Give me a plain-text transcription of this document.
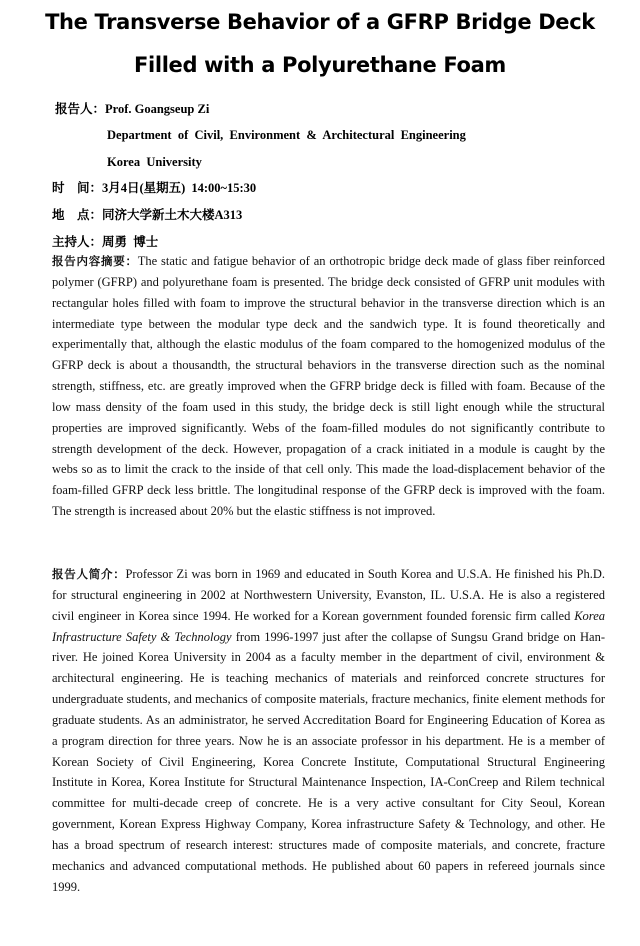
The Transverse Behavior of a GFRP Bridge Deck
Filled with a Polyurethane Foam
报告人：Prof. Goangseup Zi
Department  of  Civil,  Environment  &  Architectural  Engineering
Korea  University
时    间：3月4日(星期五) 14:00~15:30
地    点：同济大学新土木大楼A313
主持人：周勇  博士

报告内容摘要：The static and fatigue behavior of an orthotropic bridge deck made of glass fiber reinforced polymer (GFRP) and polyurethane foam is presented. The bridge deck consisted of GFRP unit modules with rectangular holes filled with foam to improve the structural behavior in the transverse direction which is an intermediate type between the modular type deck and the sandwich type. It is found theoretically and experimentally that, although the elastic modulus of the foam compared to the homogenized modulus of the GFRP deck is about a thousandth, the structural behaviors in the transverse direction such as the nominal strength, stiffness, etc. are greatly improved when the GFRP bridge deck is filled with foam. Because of the low mass density of the foam used in this study, the bridge deck is still light enough while the structural properties are improved significantly. Webs of the foam-filled modules do not significantly contribute to strength development of the deck. However, propagation of a crack initiated in a module is caught by the webs so as to limit the crack to the inside of that cell only. This made the load-displacement behavior of the foam-filled GFRP deck less brittle. The longitudinal response of the GFRP deck is improved with the foam. The strength is increased about 20% but the elastic stiffness is not improved.

报告人简介：Professor Zi was born in 1969 and educated in South Korea and U.S.A. He finished his Ph.D. for structural engineering in 2002 at Northwestern University, Evanston, IL. U.S.A. He is also a registered civil engineer in Korea since 1994. He worked for a Korean government founded forensic firm called Korea Infrastructure Safety & Technology from 1996-1997 just after the collapse of Sungsu Grand bridge on Han-river. He joined Korea University in 2004 as a faculty member in the department of civil, environment & architectural engineering. He is teaching mechanics of materials and reinforced concrete structures for undergraduate students, and mechanics of composite materials, fracture mechanics, finite element methods for graduate students. As an administrator, he served Accreditation Board for Engineering Education of Korea as a program direction for three years. Now he is an associate professor in his department. He is a member of Korean Society of Civil Engineering, Korea Concrete Institute, Computational Structural Engineering Institute in Korea, Korea Institute for Structural Maintenance Inspection, IA-ConCreep and Rilem technical committee for multi-decade creep of concrete. He is a very active consultant for City Seoul, Korean government, Korean Express Highway Company, Korea infrastructure Safety & Technology, and other. He has a broad spectrum of research interest: structures made of composite materials, and concrete, fracture mechanics and advanced computational methods. He published about 60 papers in refereed journals since 1999.
